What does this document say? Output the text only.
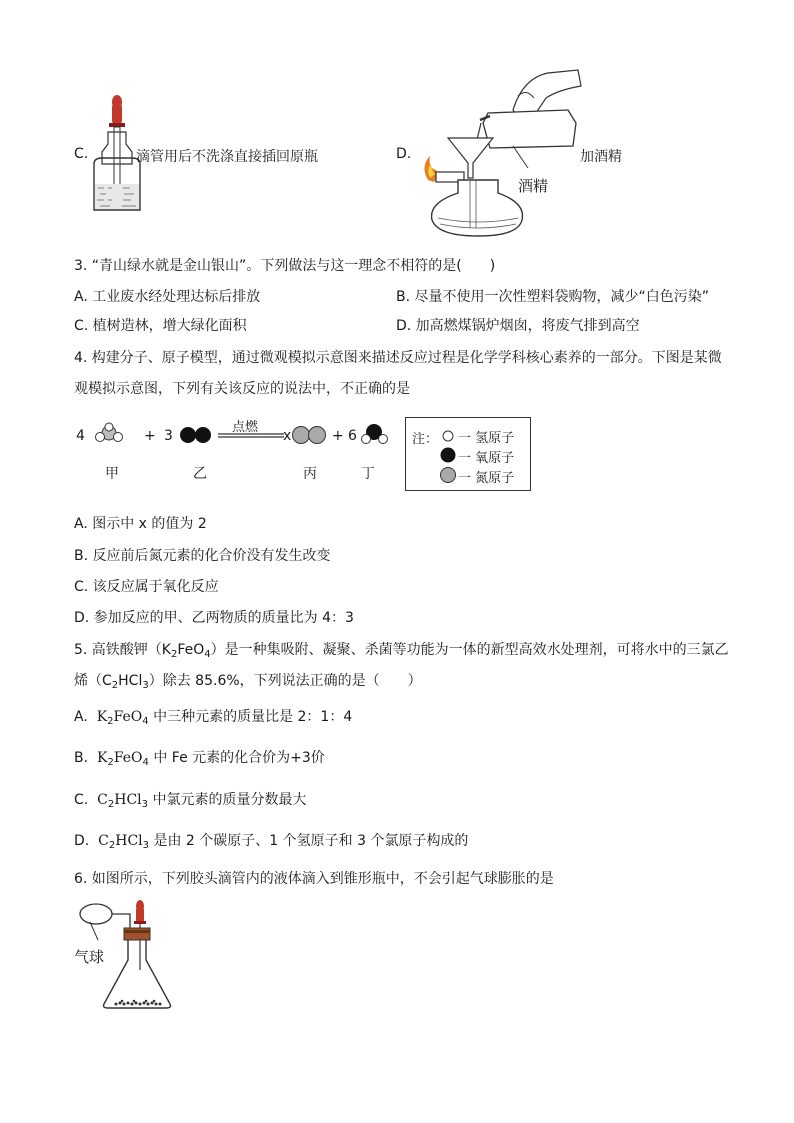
C.	滴管用后不洗涤直接插回原瓶	D.	加酒精
酒精
3. “青山绿水就是金山银山”。下列做法与这一理念不相符的是(　　)
A. 工业废水经处理达标后排放	B. 尽量不使用一次性塑料袋购物，减少“白色污染”
C. 植树造林，增大绿化面积	D. 加高燃煤锅炉烟囱，将废气排到高空
4. 构建分子、原子模型，通过微观模拟示意图来描述反应过程是化学学科核心素养的一部分。下图是某微
观模拟示意图，下列有关该反应的说法中，不正确的是
4	+ 3
点燃
x	+ 6
甲	乙	丙	丁
注： 一 氢原子
一 氧原子
一 氮原子
A. 图示中 x 的值为 2
B. 反应前后氮元素的化合价没有发生改变
C. 该反应属于氧化反应
D. 参加反应的甲、乙两物质的质量比为 4：3
5. 高铁酸钾$(K_2FeO_4)$是一种集吸附、凝聚、杀菌等功能为一体的新型高效水处理剂，可将水中的三氯乙
烯$(C_2HCl_3)$除去 85.6%，下列说法正确的是（　　）
A. $K_2FeO_4$ 中三种元素的质量比是 2：1：4
B. $K_2FeO_4$ 中 Fe 元素的化合价为+3价
C. $C_2HCl_3$ 中氯元素的质量分数最大
D. $C_2HCl_3$ 是由 2 个碳原子、1 个氢原子和 3 个氯原子构成的
6. 如图所示，下列胶头滴管内的液体滴入到锥形瓶中，不会引起气球膨胀的是
气球
